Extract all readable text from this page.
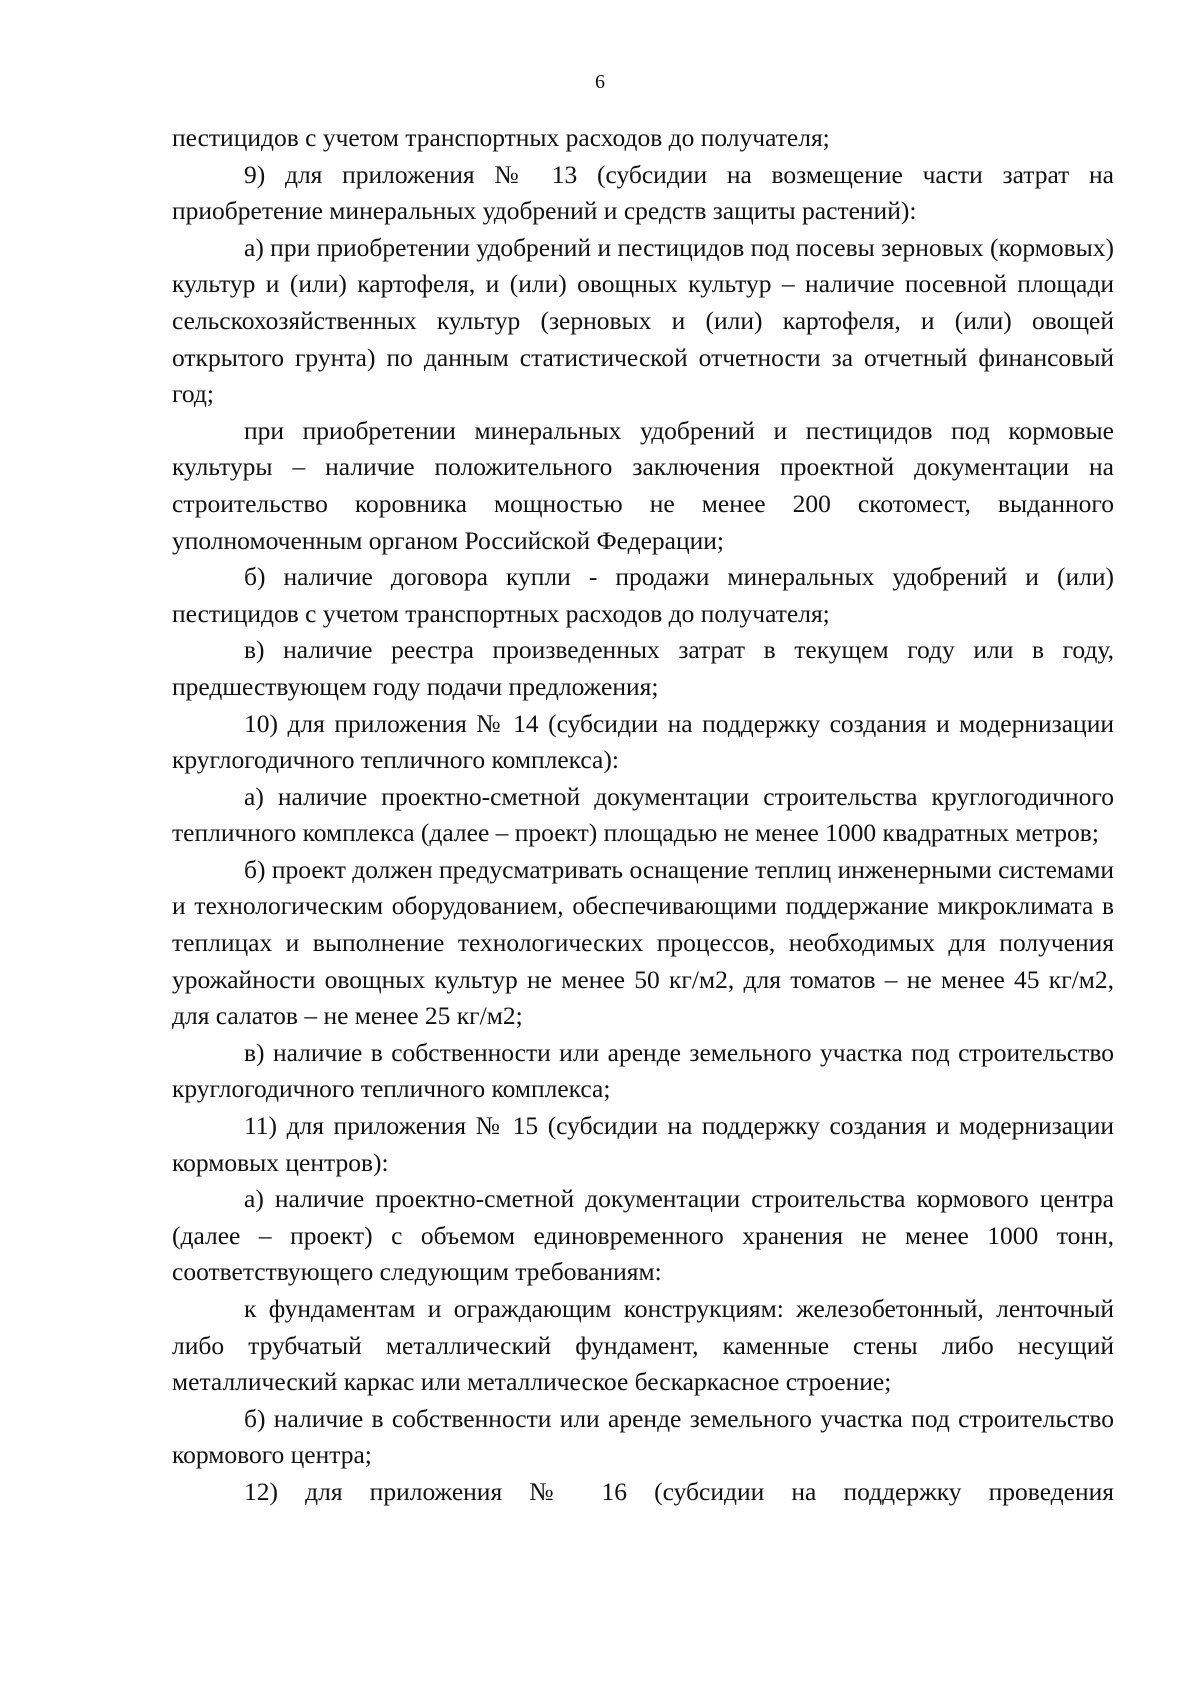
6

пестицидов с учетом транспортных расходов до получателя;

9) для приложения № 13 (субсидии на возмещение части затрат на приобретение минеральных удобрений и средств защиты растений):

а) при приобретении удобрений и пестицидов под посевы зерновых (кормовых) культур и (или) картофеля, и (или) овощных культур – наличие посевной площади сельскохозяйственных культур (зерновых и (или) картофеля, и (или) овощей открытого грунта) по данным статистической отчетности за отчетный финансовый год;

при приобретении минеральных удобрений и пестицидов под кормовые культуры – наличие положительного заключения проектной документации на строительство коровника мощностью не менее 200 скотомест, выданного уполномоченным органом Российской Федерации;

б) наличие договора купли - продажи минеральных удобрений и (или) пестицидов с учетом транспортных расходов до получателя;

в) наличие реестра произведенных затрат в текущем году или в году, предшествующем году подачи предложения;

10) для приложения № 14 (субсидии на поддержку создания и модернизации круглогодичного тепличного комплекса):

а) наличие проектно-сметной документации строительства круглогодичного тепличного комплекса (далее – проект) площадью не менее 1000 квадратных метров;

б) проект должен предусматривать оснащение теплиц инженерными системами и технологическим оборудованием, обеспечивающими поддержание микроклимата в теплицах и выполнение технологических процессов, необходимых для получения урожайности овощных культур не менее 50 кг/м2, для томатов – не менее 45 кг/м2, для салатов – не менее 25 кг/м2;

в) наличие в собственности или аренде земельного участка под строительство круглогодичного тепличного комплекса;

11) для приложения № 15 (субсидии на поддержку создания и модернизации кормовых центров):

а) наличие проектно-сметной документации строительства кормового центра (далее – проект) с объемом единовременного хранения не менее 1000 тонн, соответствующего следующим требованиям:

к фундаментам и ограждающим конструкциям: железобетонный, ленточный либо трубчатый металлический фундамент, каменные стены либо несущий металлический каркас или металлическое бескаркасное строение;

б) наличие в собственности или аренде земельного участка под строительство кормового центра;

12) для приложения № 16 (субсидии на поддержку проведения
